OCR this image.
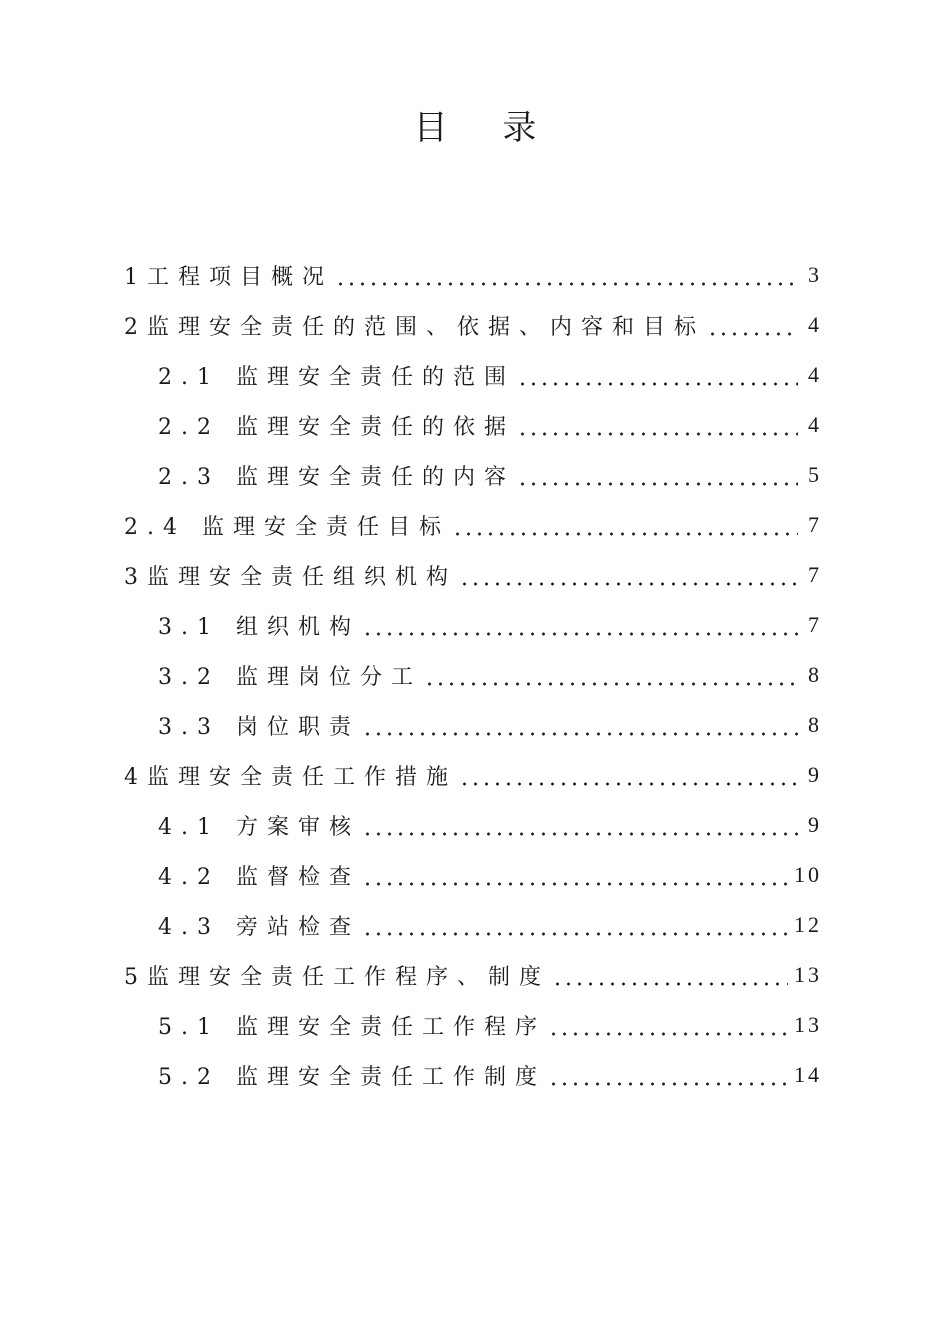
目 录
1工程项目概况	3
2监理安全责任的范围、依据、内容和目标	4
2.1 监理安全责任的范围	4
2.2 监理安全责任的依据	4
2.3 监理安全责任的内容	5
2.4 监理安全责任目标	7
3监理安全责任组织机构	7
3.1 组织机构	7
3.2 监理岗位分工	8
3.3 岗位职责	8
4监理安全责任工作措施	9
4.1 方案审核	9
4.2 监督检查	10
4.3 旁站检查	12
5监理安全责任工作程序、制度	13
5.1 监理安全责任工作程序	13
5.2 监理安全责任工作制度	14
